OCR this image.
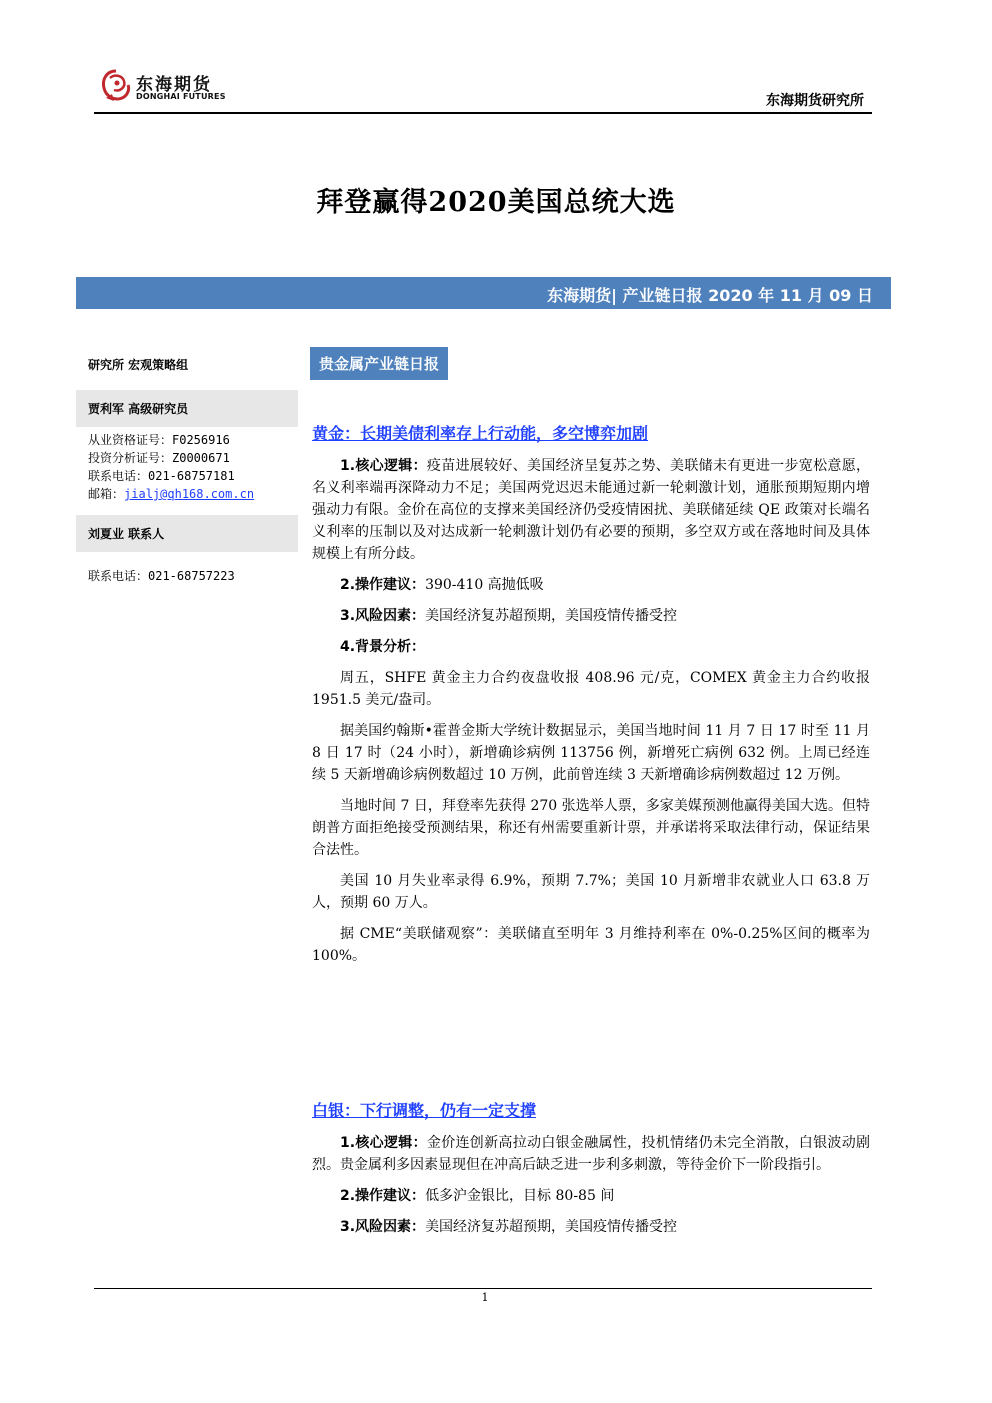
东海期货
DONGHAI FUTURES	东海期货研究所
拜登赢得2020美国总统大选
东海期货| 产业链日报 2020 年 11 月 09 日
研究所 宏观策略组
贾利军 高级研究员
从业资格证号：F0256916
投资分析证号：Z0000671
联系电话：021-68757181
邮箱：jialj@qh168.com.cn
刘夏业 联系人
联系电话：021-68757223
贵金属产业链日报
黄金：长期美债利率存上行动能，多空博弈加剧

1.核心逻辑：疫苗进展较好、美国经济呈复苏之势、美联储未有更进一步宽松意愿，名义利率端再深降动力不足；美国两党迟迟未能通过新一轮刺激计划，通胀预期短期内增强动力有限。金价在高位的支撑来美国经济仍受疫情困扰、美联储延续 QE 政策对长端名义利率的压制以及对达成新一轮刺激计划仍有必要的预期，多空双方或在落地时间及具体规模上有所分歧。

2.操作建议：390-410 高抛低吸

3.风险因素：美国经济复苏超预期，美国疫情传播受控

4.背景分析：

周五，SHFE 黄金主力合约夜盘收报 408.96 元/克，COMEX 黄金主力合约收报 1951.5 美元/盎司。

据美国约翰斯•霍普金斯大学统计数据显示，美国当地时间 11 月 7 日 17 时至 11 月 8 日 17 时（24 小时），新增确诊病例 113756 例，新增死亡病例 632 例。上周已经连续 5 天新增确诊病例数超过 10 万例，此前曾连续 3 天新增确诊病例数超过 12 万例。

当地时间 7 日，拜登率先获得 270 张选举人票，多家美媒预测他赢得美国大选。但特朗普方面拒绝接受预测结果，称还有州需要重新计票，并承诺将采取法律行动，保证结果合法性。

美国 10 月失业率录得 6.9%，预期 7.7%；美国 10 月新增非农就业人口 63.8 万人，预期 60 万人。

据 CME“美联储观察”：美联储直至明年 3 月维持利率在 0%-0.25%区间的概率为 100%。

白银：下行调整，仍有一定支撑

1.核心逻辑：金价连创新高拉动白银金融属性，投机情绪仍未完全消散，白银波动剧烈。贵金属利多因素显现但在冲高后缺乏进一步利多刺激，等待金价下一阶段指引。

2.操作建议：低多沪金银比，目标 80-85 间

3.风险因素：美国经济复苏超预期，美国疫情传播受控

1
